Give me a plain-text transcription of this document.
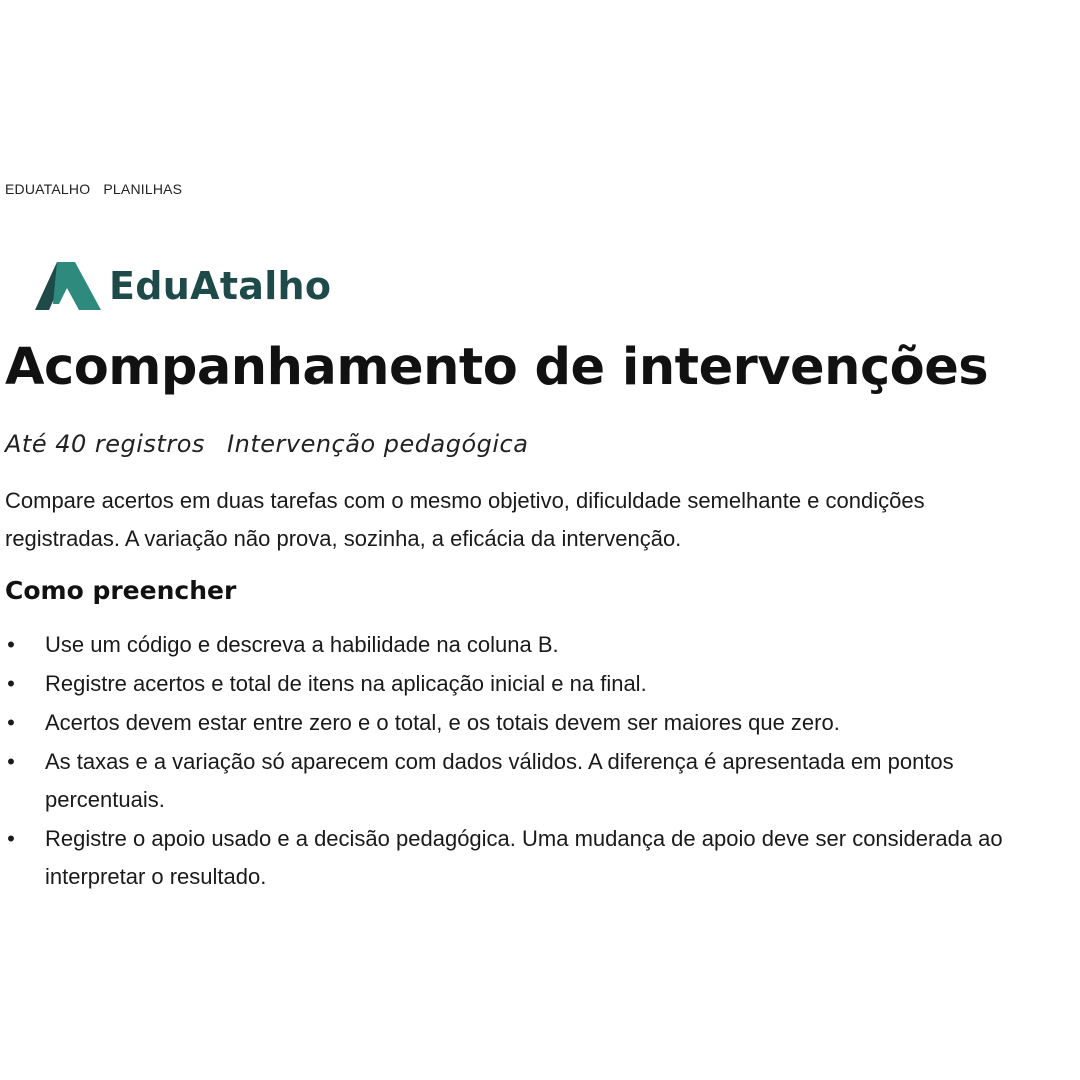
EDUATALHO PLANILHAS
EduAtalho
Acompanhamento de intervenções
Até 40 registros Intervenção pedagógica

Compare acertos em duas tarefas com o mesmo objetivo, dificuldade semelhante e condições registradas. A variação não prova, sozinha, a eficácia da intervenção.

Como preencher
• Use um código e descreva a habilidade na coluna B.
• Registre acertos e total de itens na aplicação inicial e na final.
• Acertos devem estar entre zero e o total, e os totais devem ser maiores que zero.
• As taxas e a variação só aparecem com dados válidos. A diferença é apresentada em pontos percentuais.
• Registre o apoio usado e a decisão pedagógica. Uma mudança de apoio deve ser considerada ao interpretar o resultado.
